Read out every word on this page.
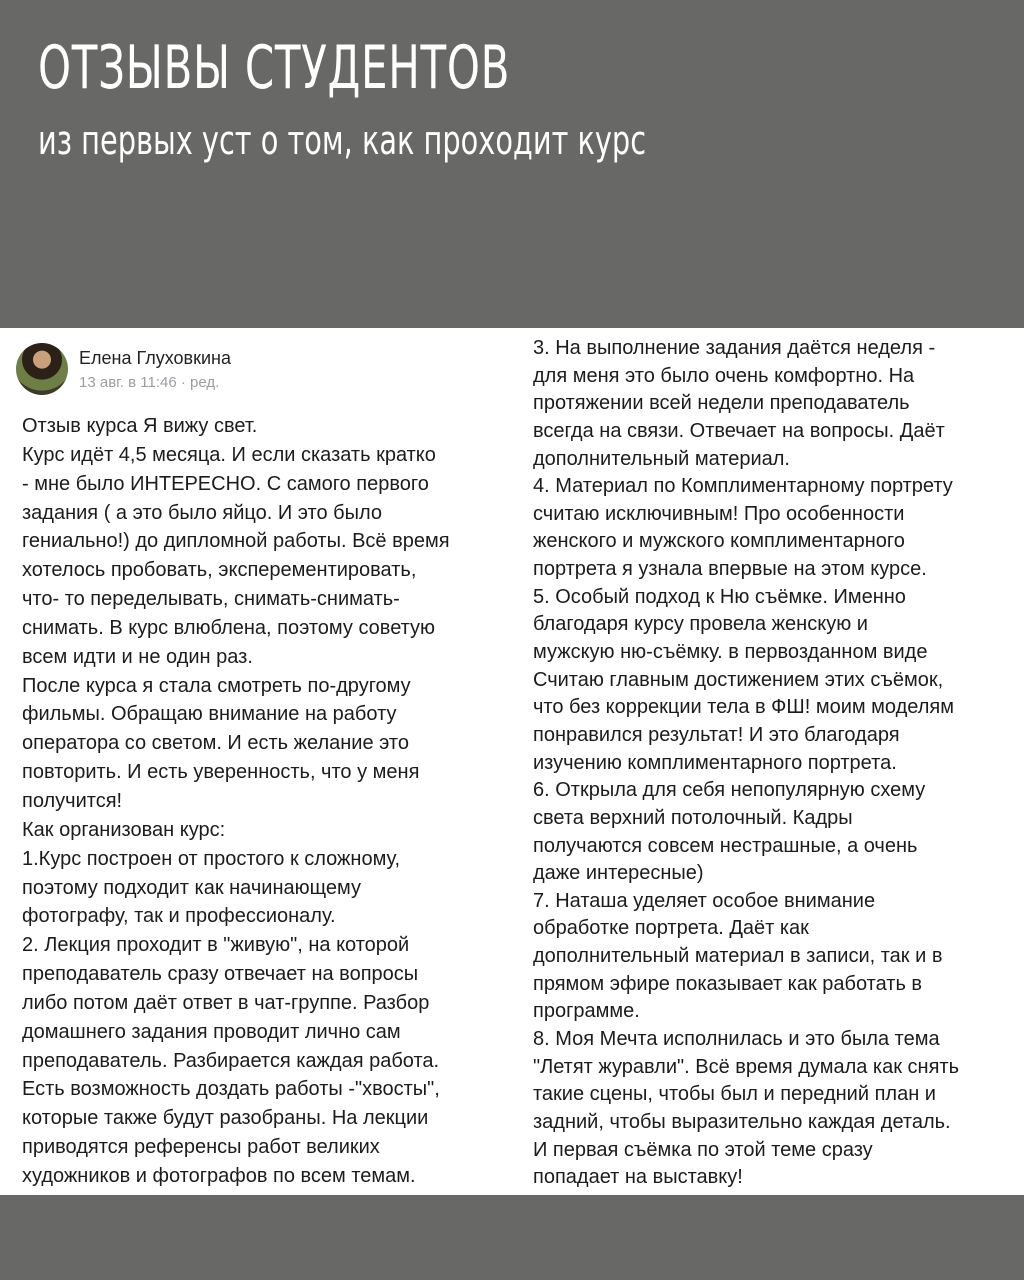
ОТЗЫВЫ СТУДЕНТОВ
из первых уст о том, как проходит курс
Елена Глуховкина
13 авг. в 11:46 · ред.
Отзыв курса Я вижу свет.
Курс идёт 4,5 месяца. И если сказать кратко
- мне было ИНТЕРЕСНО. С самого первого
задания ( а это было яйцо. И это было
гениально!) до дипломной работы. Всё время
хотелось пробовать, эксперементировать,
что- то переделывать, снимать-снимать-
снимать. В курс влюблена, поэтому советую
всем идти и не один раз.
После курса я стала смотреть по-другому
фильмы. Обращаю внимание на работу
оператора со светом. И есть желание это
повторить. И есть уверенность, что у меня
получится!
Как организован курс:
1.Курс построен от простого к сложному,
поэтому подходит как начинающему
фотографу, так и профессионалу.
2. Лекция проходит в "живую", на которой
преподаватель сразу отвечает на вопросы
либо потом даёт ответ в чат-группе. Разбор
домашнего задания проводит лично сам
преподаватель. Разбирается каждая работа.
Есть возможность доздать работы -"хвосты",
которые также будут разобраны. На лекции
приводятся референсы работ великих
художников и фотографов по всем темам.
3. На выполнение задания даётся неделя -
для меня это было очень комфортно. На
протяжении всей недели преподаватель
всегда на связи. Отвечает на вопросы. Даёт
дополнительный материал.
4. Материал по Комплиментарному портрету
считаю исключивным! Про особенности
женского и мужского комплиментарного
портрета я узнала впервые на этом курсе.
5. Особый подход к Ню съёмке. Именно
благодаря курсу провела женскую и
мужскую ню-съёмку. в первозданном виде
Считаю главным достижением этих съёмок,
что без коррекции тела в ФШ! моим моделям
понравился результат! И это благодаря
изучению комплиментарного портрета.
6. Открыла для себя непопулярную схему
света верхний потолочный. Кадры
получаются совсем нестрашные, а очень
даже интересные)
7. Наташа уделяет особое внимание
обработке портрета. Даёт как
дополнительный материал в записи, так и в
прямом эфире показывает как работать в
программе.
8. Моя Мечта исполнилась и это была тема
"Летят журавли". Всё время думала как снять
такие сцены, чтобы был и передний план и
задний, чтобы выразительно каждая деталь.
И первая съёмка по этой теме сразу
попадает на выставку!
